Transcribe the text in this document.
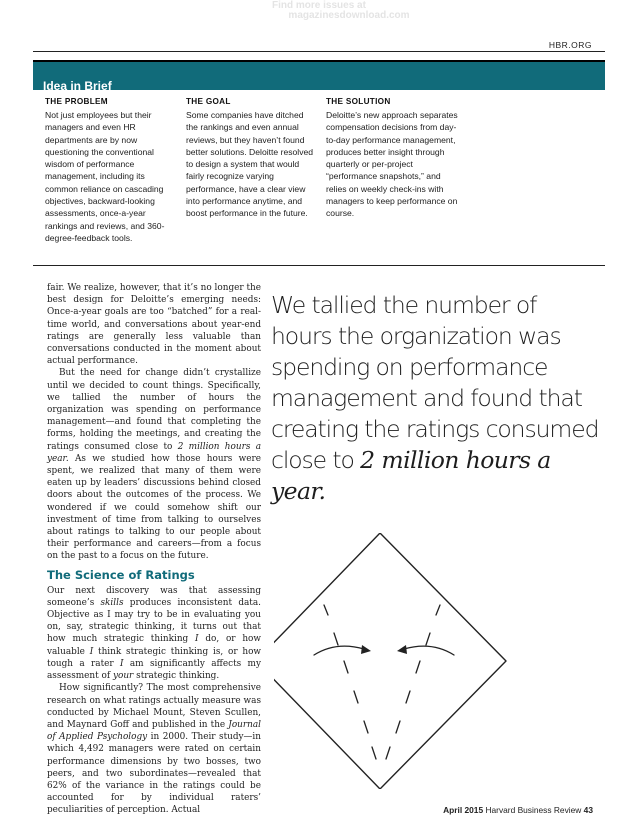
Find more issues at
magazinesdownload.com
HBR.ORG
Idea in Brief
THE PROBLEM
Not just employees but their managers and even HR departments are by now questioning the conventional wisdom of performance management, including its common reliance on cascading objectives, backward-looking assessments, once-a-year rankings and reviews, and 360-degree-feedback tools.
THE GOAL
Some companies have ditched the rankings and even annual reviews, but they haven’t found better solutions. Deloitte resolved to design a system that would fairly recognize varying performance, have a clear view into performance anytime, and boost performance in the future.
THE SOLUTION
Deloitte’s new approach separates compensation decisions from day-to-day performance management, produces better insight through quarterly or per-project “performance snapshots,” and relies on weekly check-ins with managers to keep performance on course.

fair. We realize, however, that it’s no longer the best design for Deloitte’s emerging needs: Once-a-year goals are too “batched” for a real-time world, and conversations about year-end ratings are generally less valuable than conversations conducted in the moment about actual performance.

But the need for change didn’t crystallize until we decided to count things. Specifically, we tallied the number of hours the organization was spending on performance management—and found that completing the forms, holding the meetings, and creating the ratings consumed close to 2 million hours a year. As we studied how those hours were spent, we realized that many of them were eaten up by leaders’ discussions behind closed doors about the outcomes of the process. We wondered if we could somehow shift our investment of time from talking to ourselves about ratings to talking to our people about their performance and careers—from a focus on the past to a focus on the future.

The Science of Ratings

Our next discovery was that assessing someone’s skills produces inconsistent data. Objective as I may try to be in evaluating you on, say, strategic thinking, it turns out that how much strategic thinking I do, or how valuable I think strategic thinking is, or how tough a rater I am significantly affects my assessment of your strategic thinking.

How significantly? The most comprehensive research on what ratings actually measure was conducted by Michael Mount, Steven Scullen, and Maynard Goff and published in the Journal of Applied Psychology in 2000. Their study—in which 4,492 managers were rated on certain performance dimensions by two bosses, two peers, and two subordinates—revealed that 62% of the variance in the ratings could be accounted for by individual raters’ peculiarities of perception. Actual

We tallied the number of hours the organization was spending on performance management and found that creating the ratings consumed close to 2 million hours a year.
April 2015 Harvard Business Review 43
